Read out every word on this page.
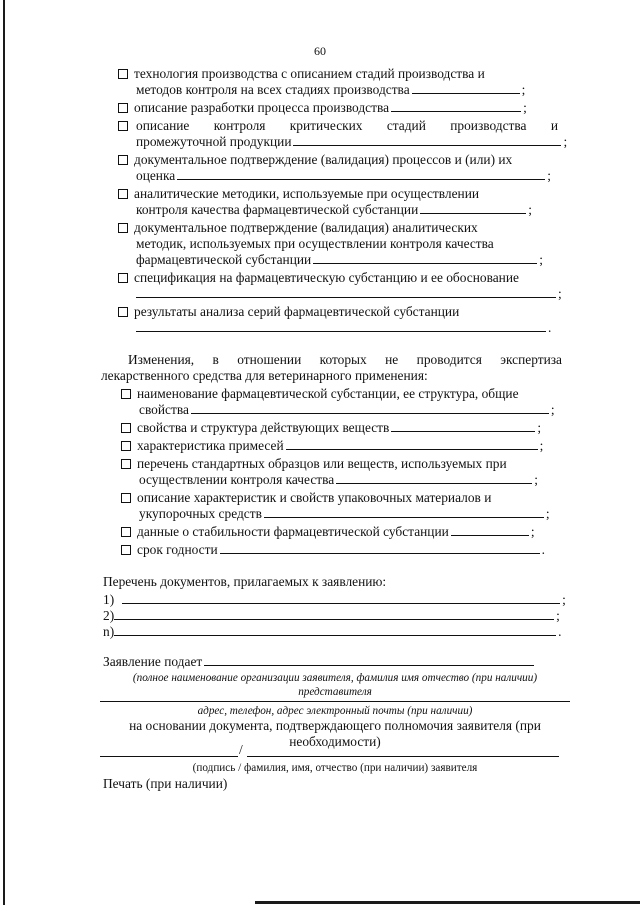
60
технология производства с описанием стадий производства и
методов контроля на всех стадиях производства	;
описание разработки процесса производства	;
описание контроля критических стадий производства и
промежуточной продукции	;
документальное подтверждение (валидация) процессов и (или) их
оценка	;
аналитические методики, используемые при осуществлении
контроля качества фармацевтической субстанции	;
документальное подтверждение (валидация) аналитических
методик, используемых при осуществлении контроля качества
фармацевтической субстанции	;
спецификация на фармацевтическую субстанцию и ее обоснование
;
результаты анализа серий фармацевтической субстанции
.
Изменения, в отношении которых не проводится экспертиза
лекарственного средства для ветеринарного применения:
наименование фармацевтической субстанции, ее структура, общие
свойства	;
свойства и структура действующих веществ	;
характеристика примесей	;
перечень стандартных образцов или веществ, используемых при
осуществлении контроля качества	;
описание характеристик и свойств упаковочных материалов и
укупорочных средств	;
данные о стабильности фармацевтической субстанции	;
срок годности	.
Перечень документов, прилагаемых к заявлению:
1)	;
2)	;
n)	.
Заявление подает
(полное наименование организации заявителя, фамилия имя отчество (при наличии)
представителя
адрес, телефон, адрес электронный почты (при наличии)
на основании документа, подтверждающего полномочия заявителя (при
необходимости)
/
(подпись / фамилия, имя, отчество (при наличии) заявителя
Печать (при наличии)
